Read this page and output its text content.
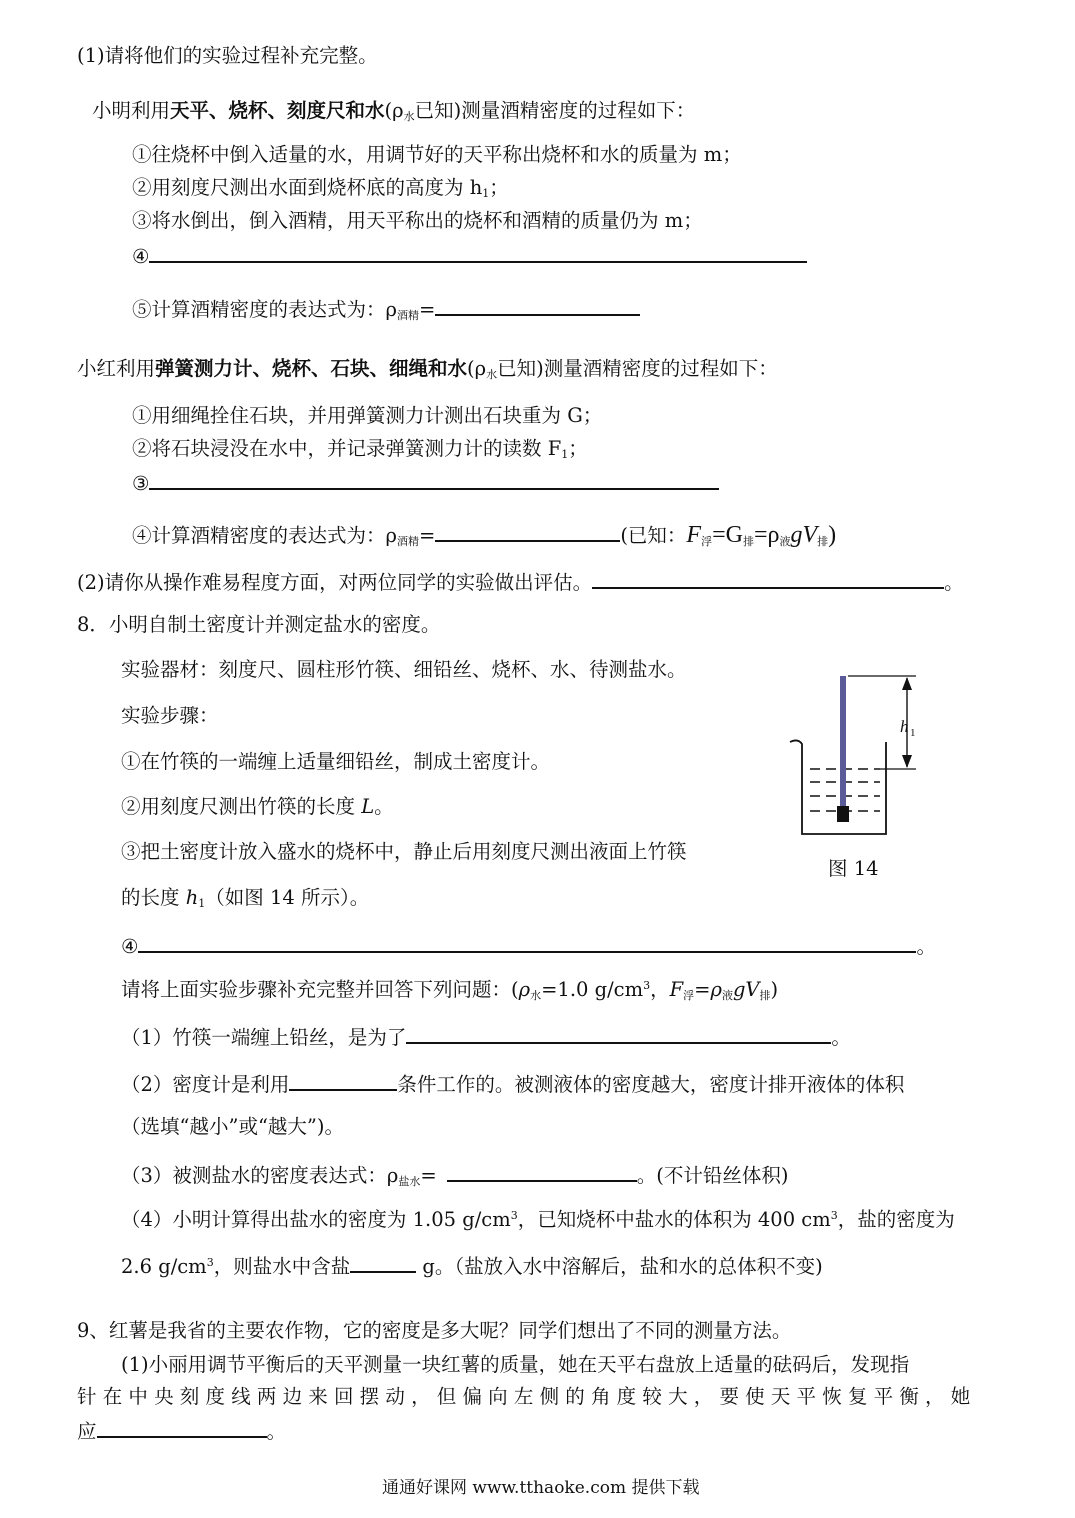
(1)请将他们的实验过程补充完整。
小明利用天平、烧杯、刻度尺和水(ρ水已知)测量酒精密度的过程如下：
①往烧杯中倒入适量的水，用调节好的天平称出烧杯和水的质量为 m；
②用刻度尺测出水面到烧杯底的高度为 h1；
③将水倒出，倒入酒精，用天平称出的烧杯和酒精的质量仍为 m；
④
⑤计算酒精密度的表达式为：ρ酒精=
小红利用弹簧测力计、烧杯、石块、细绳和水(ρ水已知)测量酒精密度的过程如下：
①用细绳拴住石块，并用弹簧测力计测出石块重为 G；
②将石块浸没在水中，并记录弹簧测力计的读数 F1；
③
④计算酒精密度的表达式为：ρ酒精=	(已知：F浮=G排=ρ液gV排)
(2)请你从操作难易程度方面，对两位同学的实验做出评估。	。
8．小明自制土密度计并测定盐水的密度。
实验器材：刻度尺、圆柱形竹筷、细铅丝、烧杯、水、待测盐水。
实验步骤：
①在竹筷的一端缠上适量细铅丝，制成土密度计。
②用刻度尺测出竹筷的长度 L。
③把土密度计放入盛水的烧杯中，静止后用刻度尺测出液面上竹筷
的长度 h1（如图 14 所示）。
④	。
请将上面实验步骤补充完整并回答下列问题：(ρ水=1.0 $g/cm^3$，F浮=ρ液gV排)
（1）竹筷一端缠上铅丝，是为了	。
（2）密度计是利用	条件工作的。被测液体的密度越大，密度计排开液体的体积
（选填“越小”或“越大”)。
（3）被测盐水的密度表达式：ρ盐水=	。(不计铅丝体积)
（4）小明计算得出盐水的密度为 1.05 $g/cm^3$，已知烧杯中盐水的体积为 400 $cm^3$，盐的密度为
2.6 $g/cm^3$，则盐水中含盐	g。（盐放入水中溶解后，盐和水的总体积不变)
h 1
图 14
9、红薯是我省的主要农作物，它的密度是多大呢？同学们想出了不同的测量方法。
(1)小丽用调节平衡后的天平测量一块红薯的质量，她在天平右盘放上适量的砝码后，发现指
针 在 中 央 刻 度 线 两 边 来 回 摆 动 ， 但 偏 向 左 侧 的 角 度 较 大 ， 要 使 天 平 恢 复 平 衡 ， 她
应	。
通通好课网 www.tthaoke.com 提供下载
